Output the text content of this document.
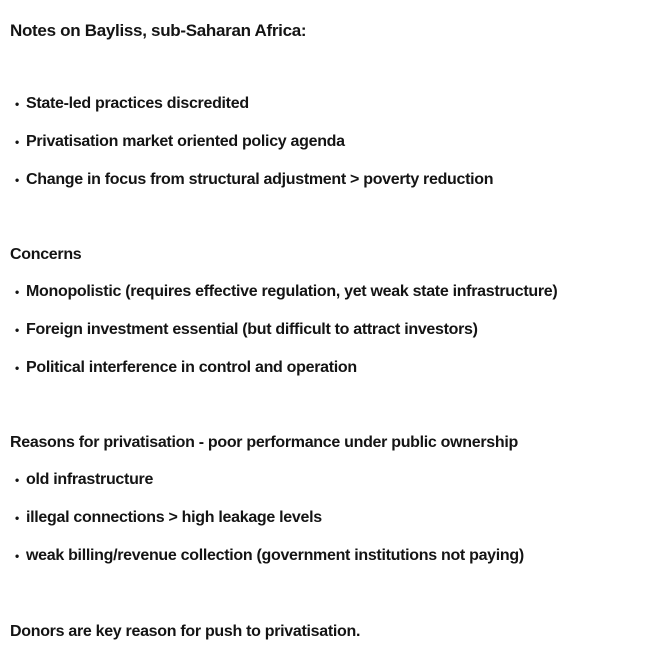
Notes on Bayliss, sub-Saharan Africa:
• State-led practices discredited
• Privatisation market oriented policy agenda
• Change in focus from structural adjustment > poverty reduction
Concerns
• Monopolistic (requires effective regulation, yet weak state infrastructure)
• Foreign investment essential (but difficult to attract investors)
• Political interference in control and operation
Reasons for privatisation - poor performance under public ownership
• old infrastructure
• illegal connections > high leakage levels
• weak billing/revenue collection (government institutions not paying)

Donors are key reason for push to privatisation.
